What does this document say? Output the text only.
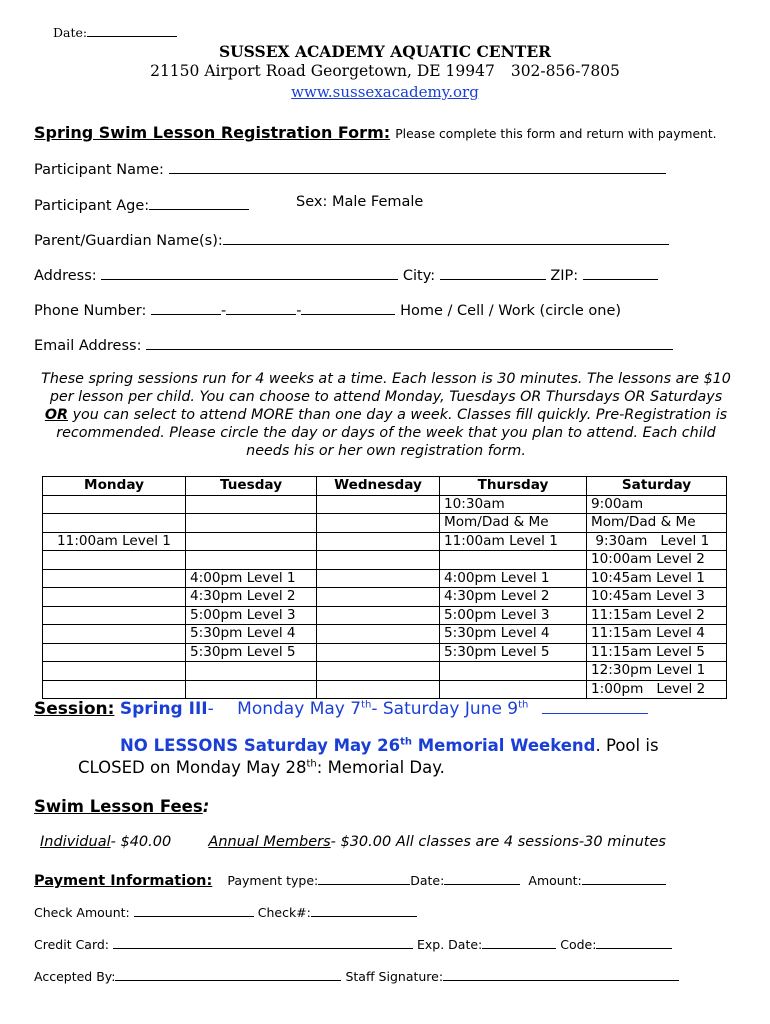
Date:
SUSSEX ACADEMY AQUATIC CENTER
21150 Airport Road Georgetown, DE 19947 302-856-7805
www.sussexacademy.org
Spring Swim Lesson Registration Form: Please complete this form and return with payment.
Participant Name:
Participant Age:	Sex: Male Female
Parent/Guardian Name(s):
Address:	City:	ZIP:
Phone Number:	-	-	Home / Cell / Work (circle one)
Email Address:
These spring sessions run for 4 weeks at a time. Each lesson is 30 minutes. The lessons are $10
per lesson per child. You can choose to attend Monday, Tuesdays OR Thursdays OR Saturdays
OR you can select to attend MORE than one day a week. Classes fill quickly. Pre-Registration is
recommended. Please circle the day or days of the week that you plan to attend. Each child
needs his or her own registration form.
Monday	Tuesday	Wednesday	Thursday	Saturday
			10:30am	9:00am
			Mom/Dad & Me	Mom/Dad & Me
11:00am Level 1			11:00am Level 1	9:30am   Level 1
				10:00am Level 2
	4:00pm Level 1		4:00pm Level 1	10:45am Level 1
	4:30pm Level 2		4:30pm Level 2	10:45am Level 3
	5:00pm Level 3		5:00pm Level 3	11:15am Level 2
	5:30pm Level 4		5:30pm Level 4	11:15am Level 4
	5:30pm Level 5		5:30pm Level 5	11:15am Level 5
				12:30pm Level 1
				1:00pm   Level 2
Session: Spring III- Monday May 7th- Saturday June 9th
NO LESSONS Saturday May 26th Memorial Weekend. Pool is
CLOSED on Monday May 28th: Memorial Day.
Swim Lesson Fees:
Individual- $40.00	Annual Members- $30.00 All classes are 4 sessions-30 minutes
Payment Information: Payment type:	Date:	Amount:
Check Amount:	Check#:
Credit Card:	Exp. Date:	Code:
Accepted By:	Staff Signature:
